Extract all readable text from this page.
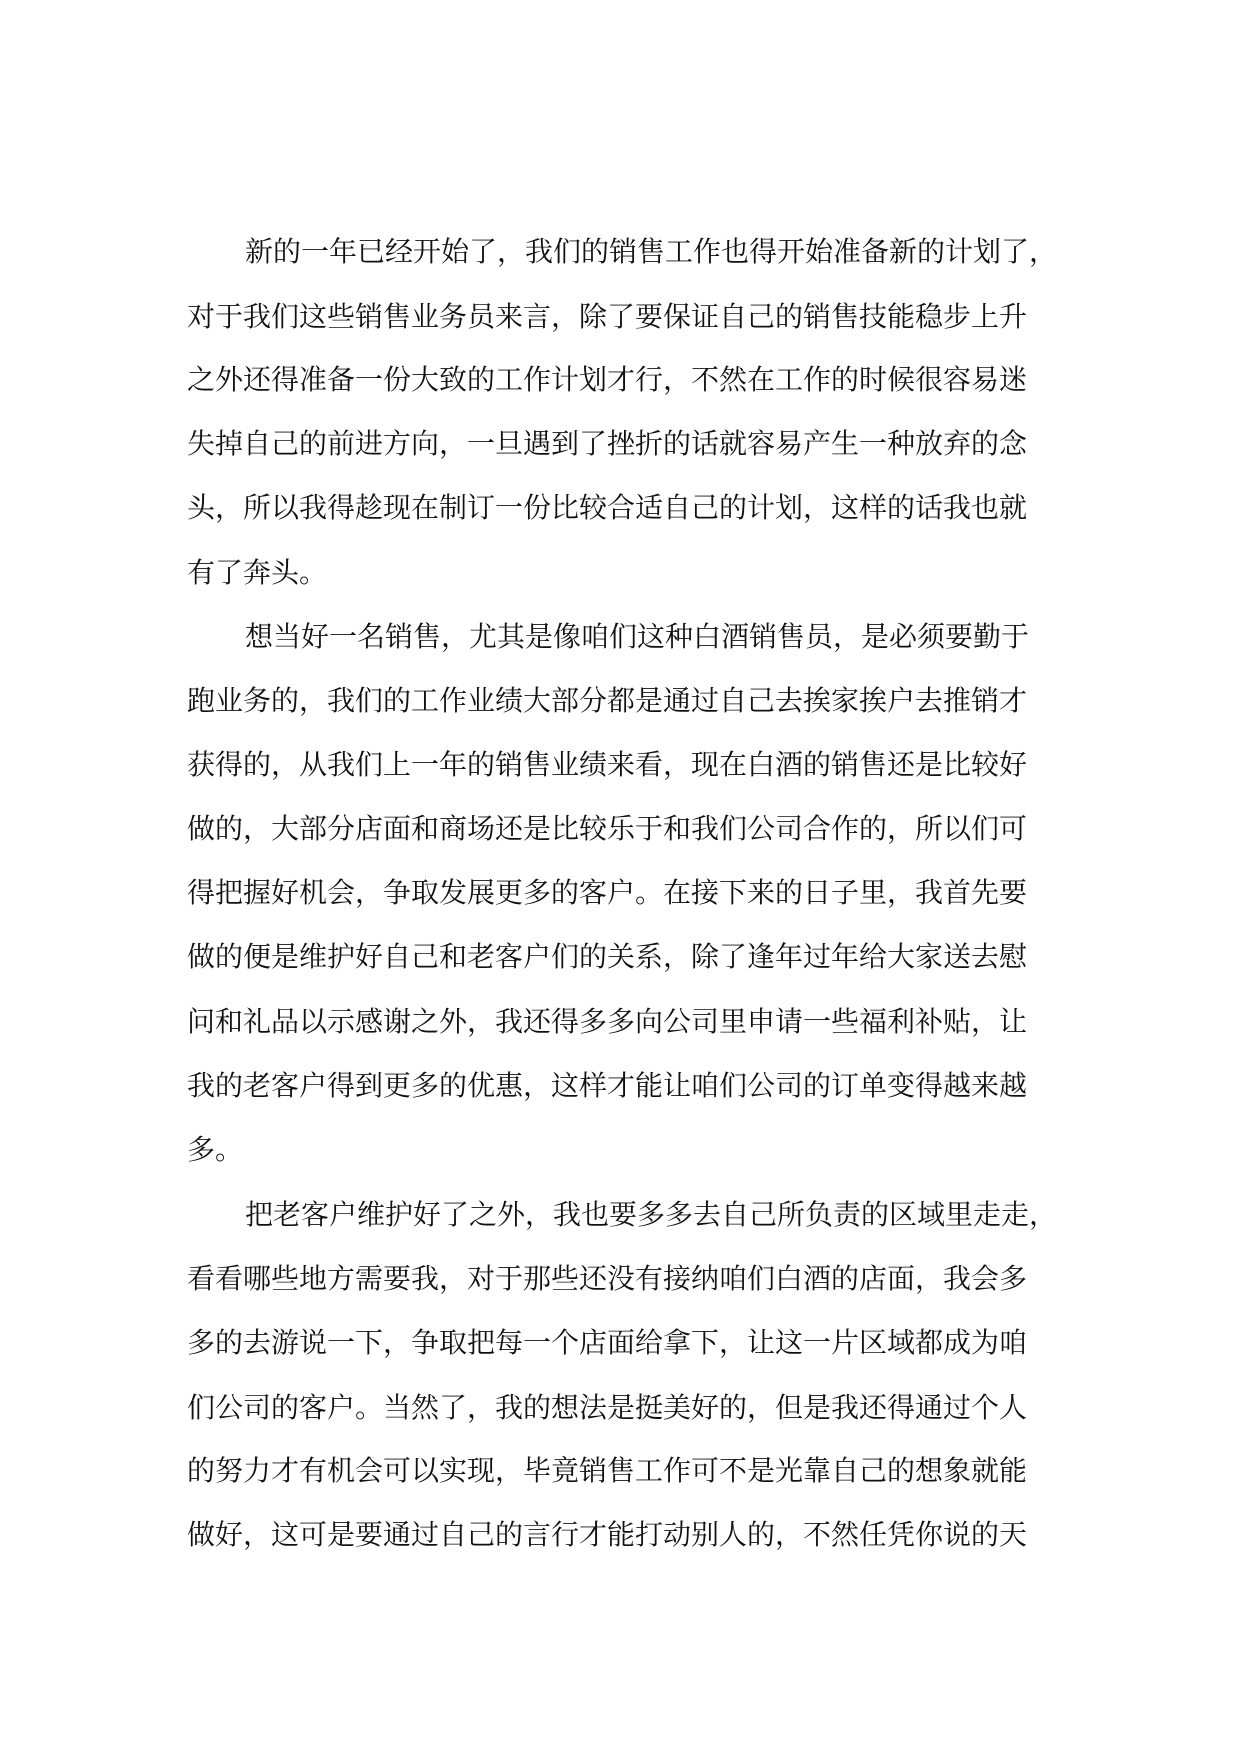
新的一年已经开始了，我们的销售工作也得开始准备新的计划了，
对于我们这些销售业务员来言，除了要保证自己的销售技能稳步上升
之外还得准备一份大致的工作计划才行，不然在工作的时候很容易迷
失掉自己的前进方向，一旦遇到了挫折的话就容易产生一种放弃的念
头，所以我得趁现在制订一份比较合适自己的计划，这样的话我也就
有了奔头。
想当好一名销售，尤其是像咱们这种白酒销售员，是必须要勤于
跑业务的，我们的工作业绩大部分都是通过自己去挨家挨户去推销才
获得的，从我们上一年的销售业绩来看，现在白酒的销售还是比较好
做的，大部分店面和商场还是比较乐于和我们公司合作的，所以们可
得把握好机会，争取发展更多的客户。在接下来的日子里，我首先要
做的便是维护好自己和老客户们的关系，除了逢年过年给大家送去慰
问和礼品以示感谢之外，我还得多多向公司里申请一些福利补贴，让
我的老客户得到更多的优惠，这样才能让咱们公司的订单变得越来越
多。
把老客户维护好了之外，我也要多多去自己所负责的区域里走走，
看看哪些地方需要我，对于那些还没有接纳咱们白酒的店面，我会多
多的去游说一下，争取把每一个店面给拿下，让这一片区域都成为咱
们公司的客户。当然了，我的想法是挺美好的，但是我还得通过个人
的努力才有机会可以实现，毕竟销售工作可不是光靠自己的想象就能
做好，这可是要通过自己的言行才能打动别人的，不然任凭你说的天
